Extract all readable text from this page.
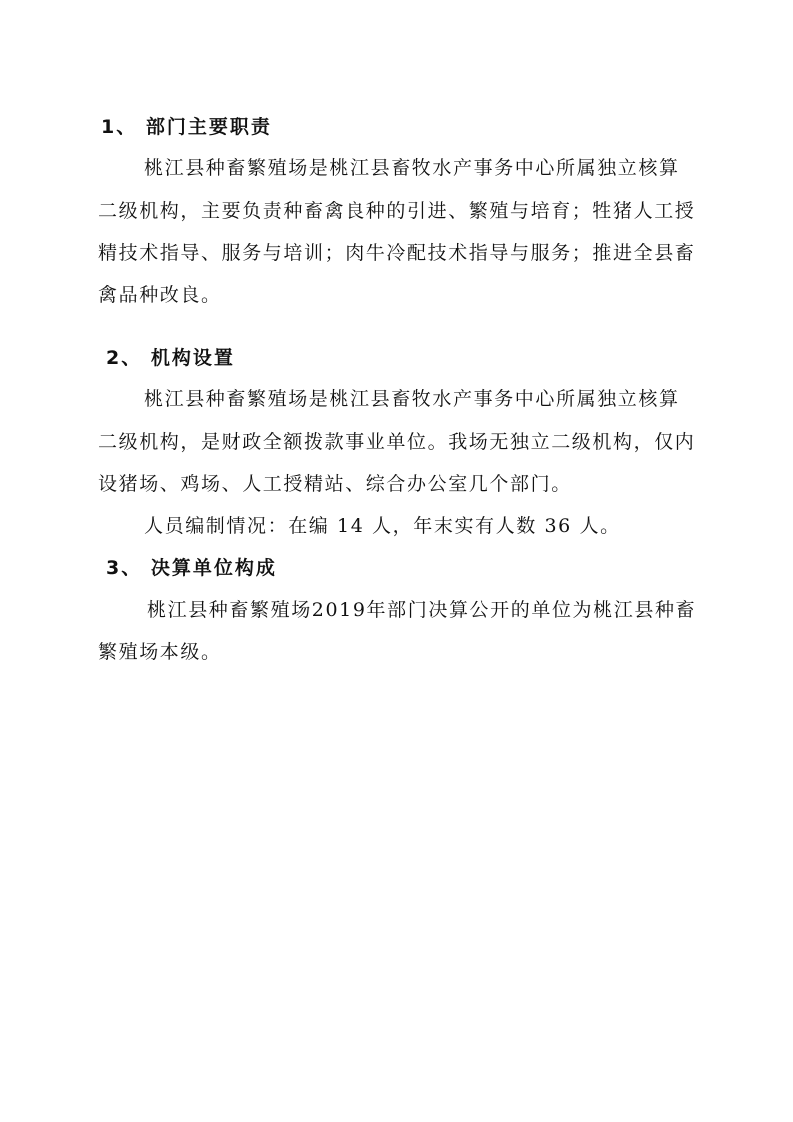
1、 部门主要职责

桃江县种畜繁殖场是桃江县畜牧水产事务中心所属独立核算

二级机构，主要负责种畜禽良种的引进、繁殖与培育；牲猪人工授

精技术指导、服务与培训；肉牛冷配技术指导与服务；推进全县畜

禽品种改良。

2、 机构设置

桃江县种畜繁殖场是桃江县畜牧水产事务中心所属独立核算

二级机构，是财政全额拨款事业单位。我场无独立二级机构，仅内

设猪场、鸡场、人工授精站、综合办公室几个部门。

人员编制情况：在编 14 人，年末实有人数 36 人。

3、 决算单位构成

桃江县种畜繁殖场2019年部门决算公开的单位为桃江县种畜

繁殖场本级。
